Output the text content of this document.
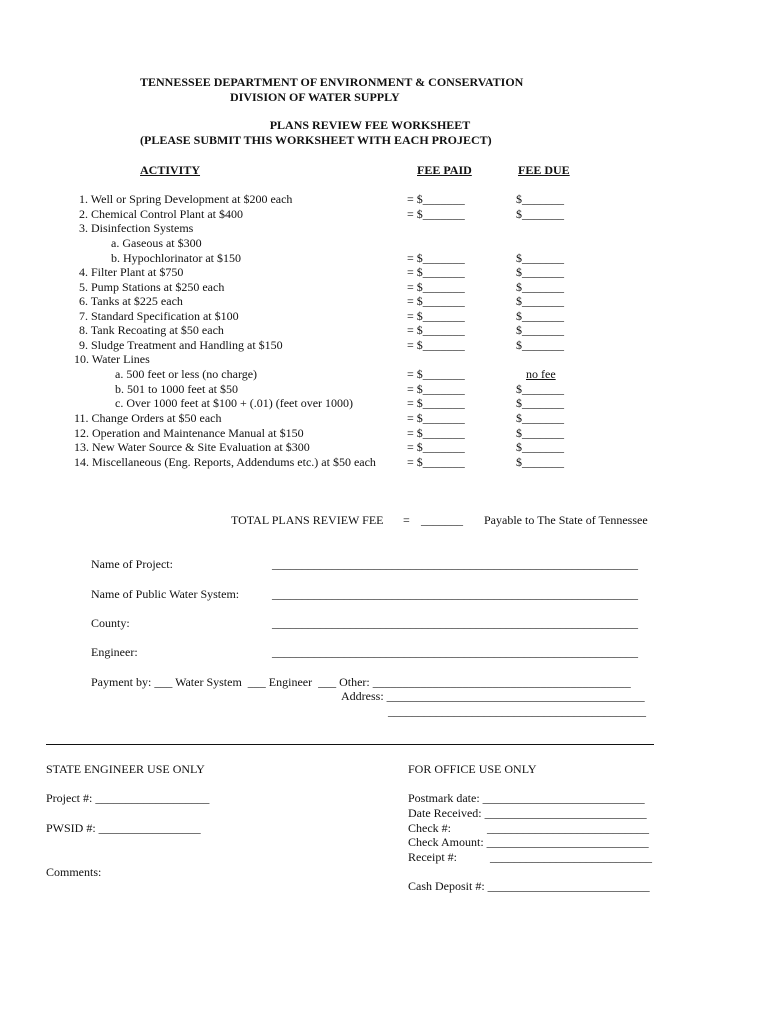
TENNESSEE DEPARTMENT OF ENVIRONMENT & CONSERVATION
DIVISION OF WATER SUPPLY
PLANS REVIEW FEE WORKSHEET
(PLEASE SUBMIT THIS WORKSHEET WITH EACH PROJECT)
ACTIVITY	FEE PAID	FEE DUE
1. Well or Spring Development at $200 each	= $_______	$_______
2. Chemical Control Plant at $400	= $_______	$_______
3. Disinfection Systems
a. Gaseous at $300
b. Hypochlorinator at $150	= $_______	$_______
4. Filter Plant at $750	= $_______	$_______
5. Pump Stations at $250 each	= $_______	$_______
6. Tanks at $225 each	= $_______	$_______
7. Standard Specification at $100	= $_______	$_______
8. Tank Recoating at $50 each	= $_______	$_______
9. Sludge Treatment and Handling at $150	= $_______	$_______
10. Water Lines
a. 500 feet or less (no charge)	= $_______	no fee
b. 501 to 1000 feet at $50	= $_______	$_______
c. Over 1000 feet at $100 + (.01) (feet over 1000)	= $_______	$_______
11. Change Orders at $50 each	= $_______	$_______
12. Operation and Maintenance Manual at $150	= $_______	$_______
13. New Water Source & Site Evaluation at $300	= $_______	$_______
14. Miscellaneous (Eng. Reports, Addendums etc.) at $50 each	= $_______	$_______
TOTAL PLANS REVIEW FEE = _______ Payable to The State of Tennessee
Name of Project:	_____________________________________________________________
Name of Public Water System:	_____________________________________________________________
County:	_____________________________________________________________
Engineer:	_____________________________________________________________
Payment by: ___ Water System  ___ Engineer  ___ Other: ___________________________________________
Address: ___________________________________________
___________________________________________
STATE ENGINEER USE ONLY
Project #: ___________________
PWSID #: _________________
Comments:
FOR OFFICE USE ONLY
Postmark date: ___________________________
Date Received: ___________________________
Check #:	___________________________
Check Amount: ___________________________
Receipt #:	___________________________
Cash Deposit #: ___________________________
